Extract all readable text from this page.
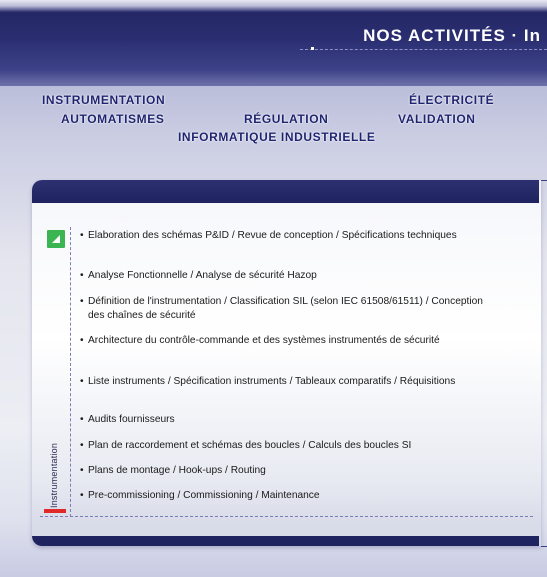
NOS ACTIVITÉS · In

INSTRUMENTATION	ÉLECTRICITÉ

AUTOMATISMES	RÉGULATION	VALIDATION

INFORMATIQUE INDUSTRIELLE

Instrumentation

• Elaboration des schémas P&ID / Revue de conception / Spécifications techniques
• Analyse Fonctionnelle / Analyse de sécurité Hazop
• Définition de l'instrumentation / Classification SIL (selon IEC 61508/61511) / Conception des chaînes de sécurité
• Architecture du contrôle-commande et des systèmes instrumentés de sécurité
• Liste instruments / Spécification instruments / Tableaux comparatifs / Réquisitions
• Audits fournisseurs
• Plan de raccordement et schémas des boucles / Calculs des boucles SI
• Plans de montage / Hook-ups / Routing
• Pre-commissioning / Commissioning / Maintenance
